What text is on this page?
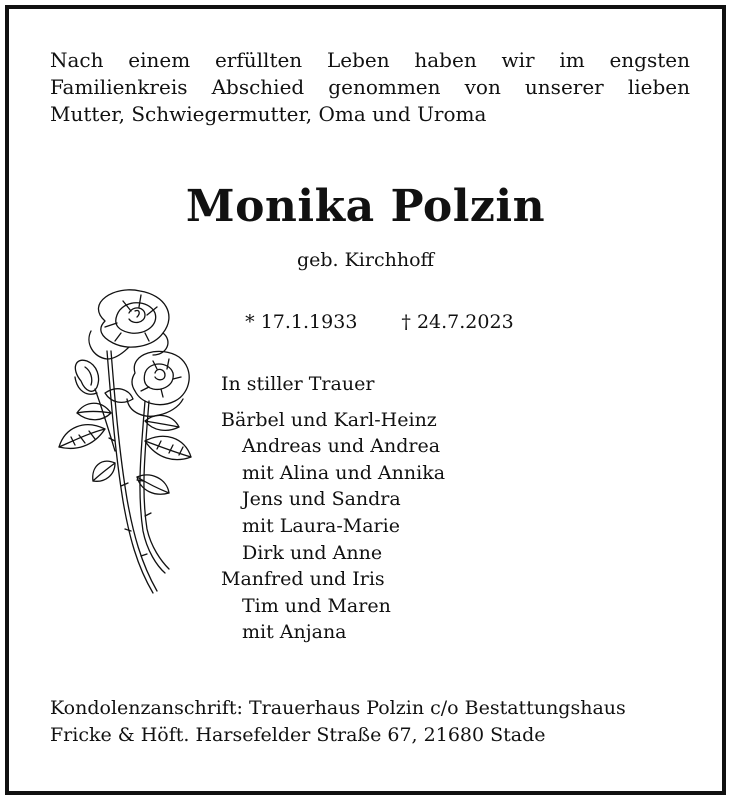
Nach einem erfüllten Leben haben wir im engsten
Familienkreis Abschied genommen von unserer lieben
Mutter, Schwiegermutter, Oma und Uroma
Monika Polzin
geb. Kirchhoff

* 17.1.1933 † 24.7.2023

In stiller Trauer
Bärbel und Karl-Heinz
Andreas und Andrea
mit Alina und Annika
Jens und Sandra
mit Laura-Marie
Dirk und Anne
Manfred und Iris
Tim und Maren
mit Anjana
Kondolenzanschrift: Trauerhaus Polzin c/o Bestattungshaus
Fricke & Höft. Harsefelder Straße 67, 21680 Stade
